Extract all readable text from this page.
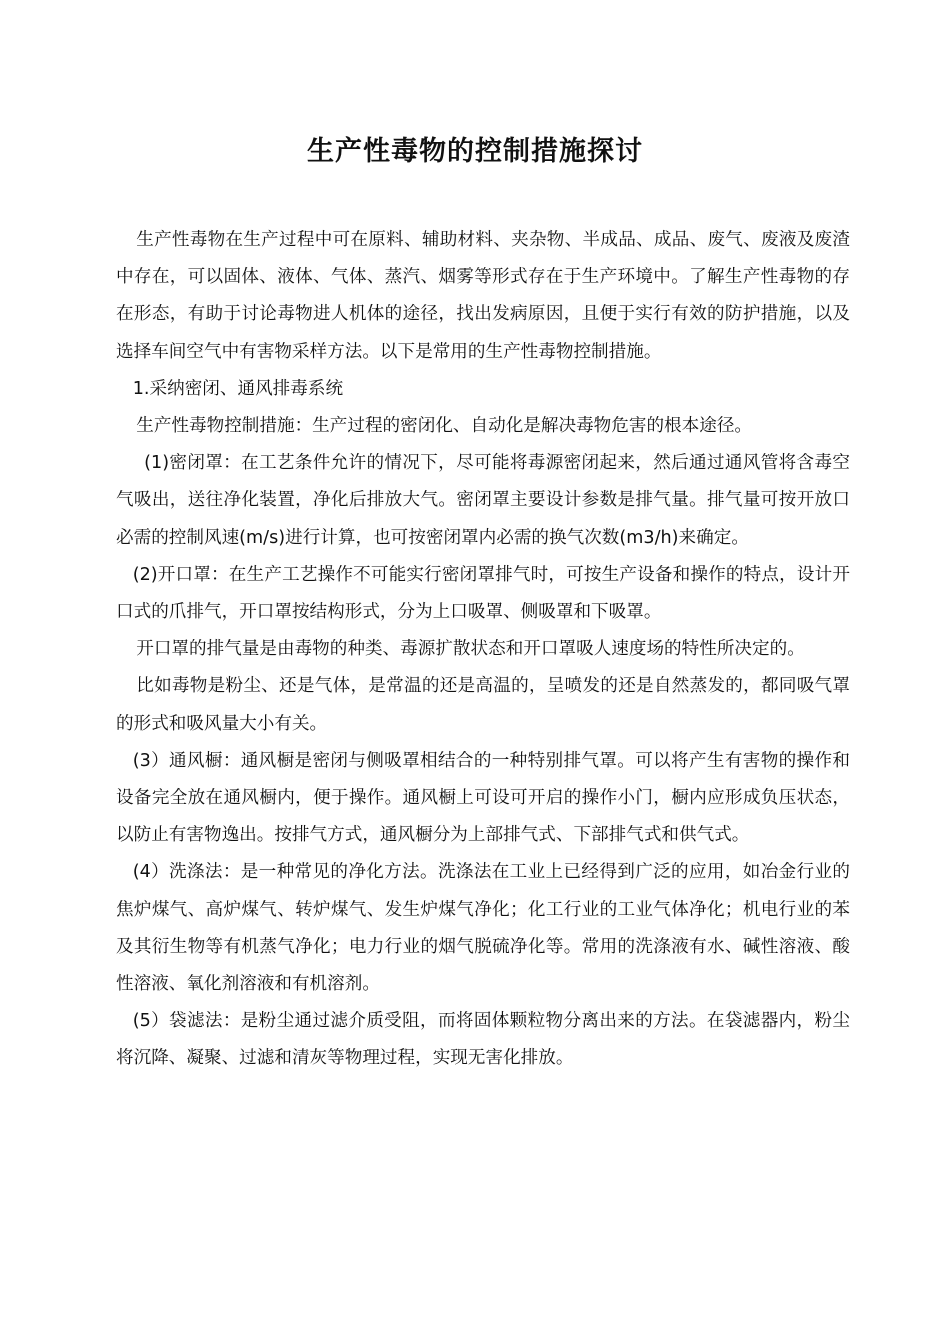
生产性毒物的控制措施探讨

生产性毒物在生产过程中可在原料、辅助材料、夹杂物、半成品、成品、废气、废液及废渣中存在，可以固体、液体、气体、蒸汽、烟雾等形式存在于生产环境中。了解生产性毒物的存在形态，有助于讨论毒物进人机体的途径，找出发病原因，且便于实行有效的防护措施，以及选择车间空气中有害物采样方法。以下是常用的生产性毒物控制措施。

1.采纳密闭、通风排毒系统

生产性毒物控制措施：生产过程的密闭化、自动化是解决毒物危害的根本途径。

(1)密闭罩：在工艺条件允许的情况下，尽可能将毒源密闭起来，然后通过通风管将含毒空气吸出，送往净化装置，净化后排放大气。密闭罩主要设计参数是排气量。排气量可按开放口必需的控制风速(m/s)进行计算，也可按密闭罩内必需的换气次数(m3/h)来确定。

(2)开口罩：在生产工艺操作不可能实行密闭罩排气时，可按生产设备和操作的特点，设计开口式的爪排气，开口罩按结构形式，分为上口吸罩、侧吸罩和下吸罩。

开口罩的排气量是由毒物的种类、毒源扩散状态和开口罩吸人速度场的特性所决定的。

比如毒物是粉尘、还是气体，是常温的还是高温的，呈喷发的还是自然蒸发的，都同吸气罩的形式和吸风量大小有关。

(3）通风橱：通风橱是密闭与侧吸罩相结合的一种特别排气罩。可以将产生有害物的操作和设备完全放在通风橱内，便于操作。通风橱上可设可开启的操作小门，橱内应形成负压状态，以防止有害物逸出。按排气方式，通风橱分为上部排气式、下部排气式和供气式。

(4）洗涤法：是一种常见的净化方法。洗涤法在工业上已经得到广泛的应用，如冶金行业的焦炉煤气、高炉煤气、转炉煤气、发生炉煤气净化；化工行业的工业气体净化；机电行业的苯及其衍生物等有机蒸气净化；电力行业的烟气脱硫净化等。常用的洗涤液有水、碱性溶液、酸性溶液、氧化剂溶液和有机溶剂。

(5）袋滤法：是粉尘通过滤介质受阻，而将固体颗粒物分离出来的方法。在袋滤器内，粉尘将沉降、凝聚、过滤和清灰等物理过程，实现无害化排放。
